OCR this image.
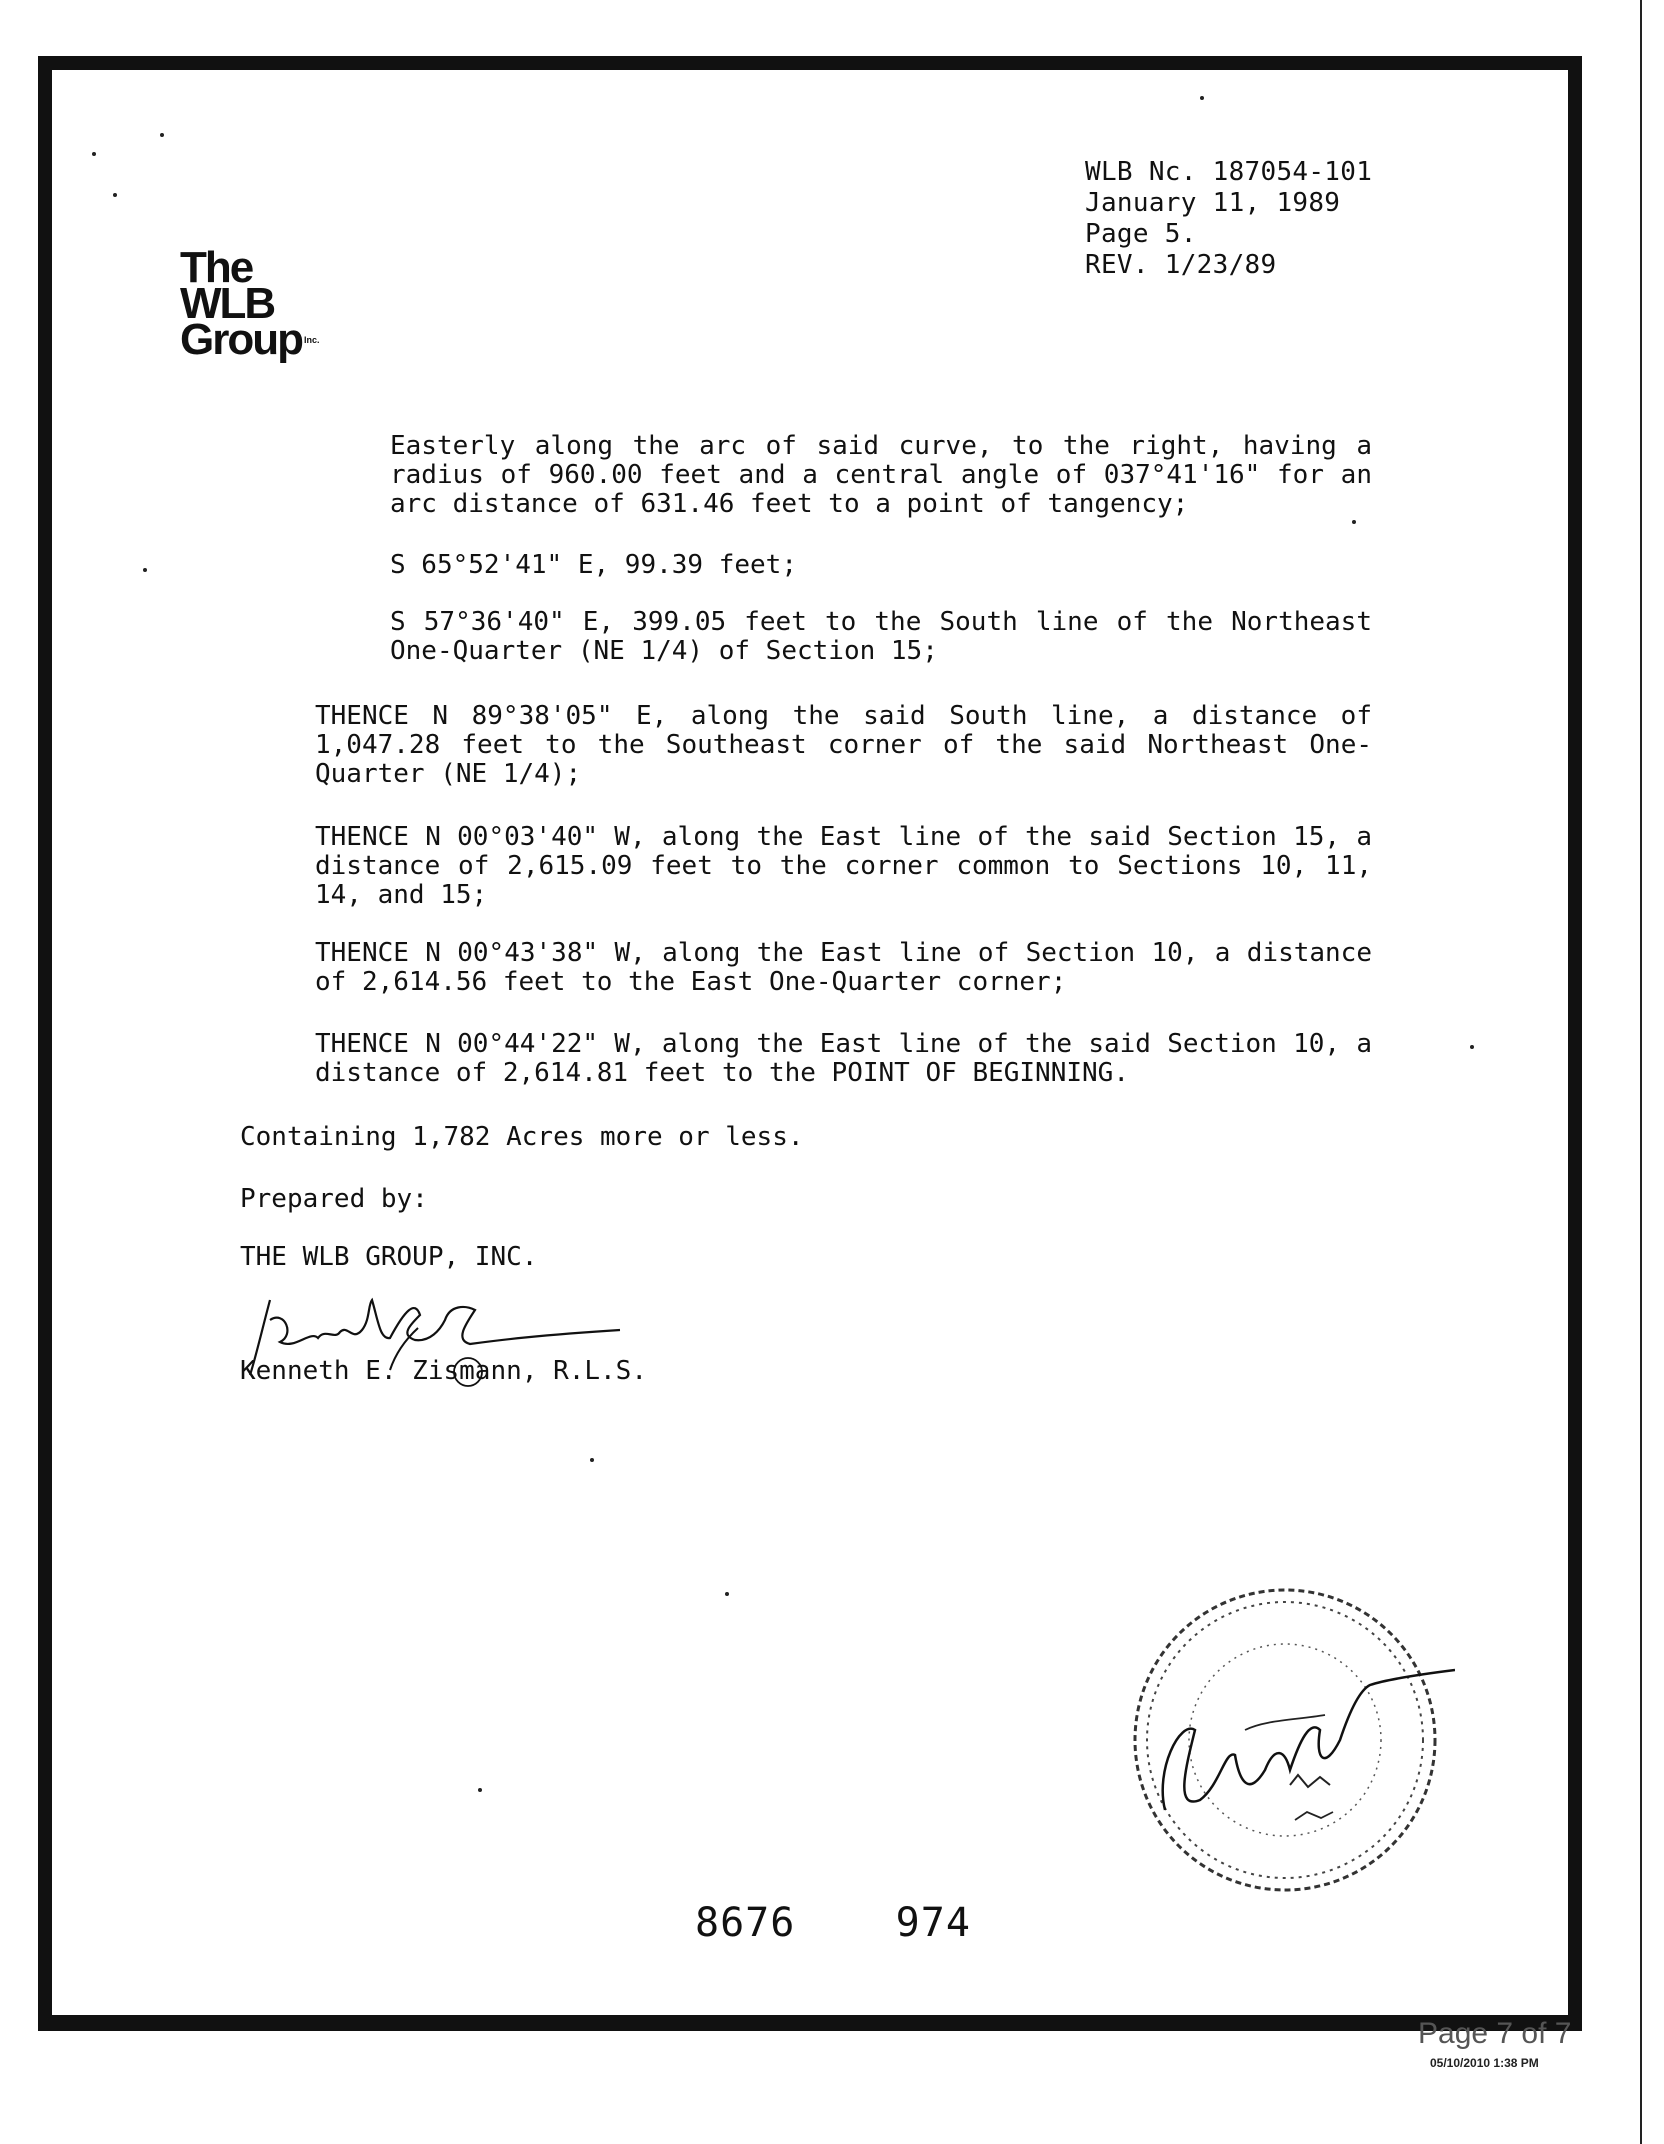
WLB Nc. 187054-101
January 11, 1989
Page 5.
REV. 1/23/89
The
WLB
Group Inc.
Easterly along the arc of said curve, to the right, having a radius of 960.00 feet and a central angle of 037°41'16" for an arc distance of 631.46 feet to a point of tangency;
S 65°52'41" E, 99.39 feet;
S 57°36'40" E, 399.05 feet to the South line of the Northeast One-Quarter (NE 1/4) of Section 15;
THENCE N 89°38'05" E, along the said South line, a distance of 1,047.28 feet to the Southeast corner of the said Northeast One-Quarter (NE 1/4);
THENCE N 00°03'40" W, along the East line of the said Section 15, a distance of 2,615.09 feet to the corner common to Sections 10, 11, 14, and 15;
THENCE N 00°43'38" W, along the East line of Section 10, a distance of 2,614.56 feet to the East One-Quarter corner;
THENCE N 00°44'22" W, along the East line of the said Section 10, a distance of 2,614.81 feet to the POINT OF BEGINNING.
Containing 1,782 Acres more or less.
Prepared by:
THE WLB GROUP, INC.
Kenneth E. Zismann, R.L.S.
8676    974
Page 7 of 7
05/10/2010 1:38 PM
